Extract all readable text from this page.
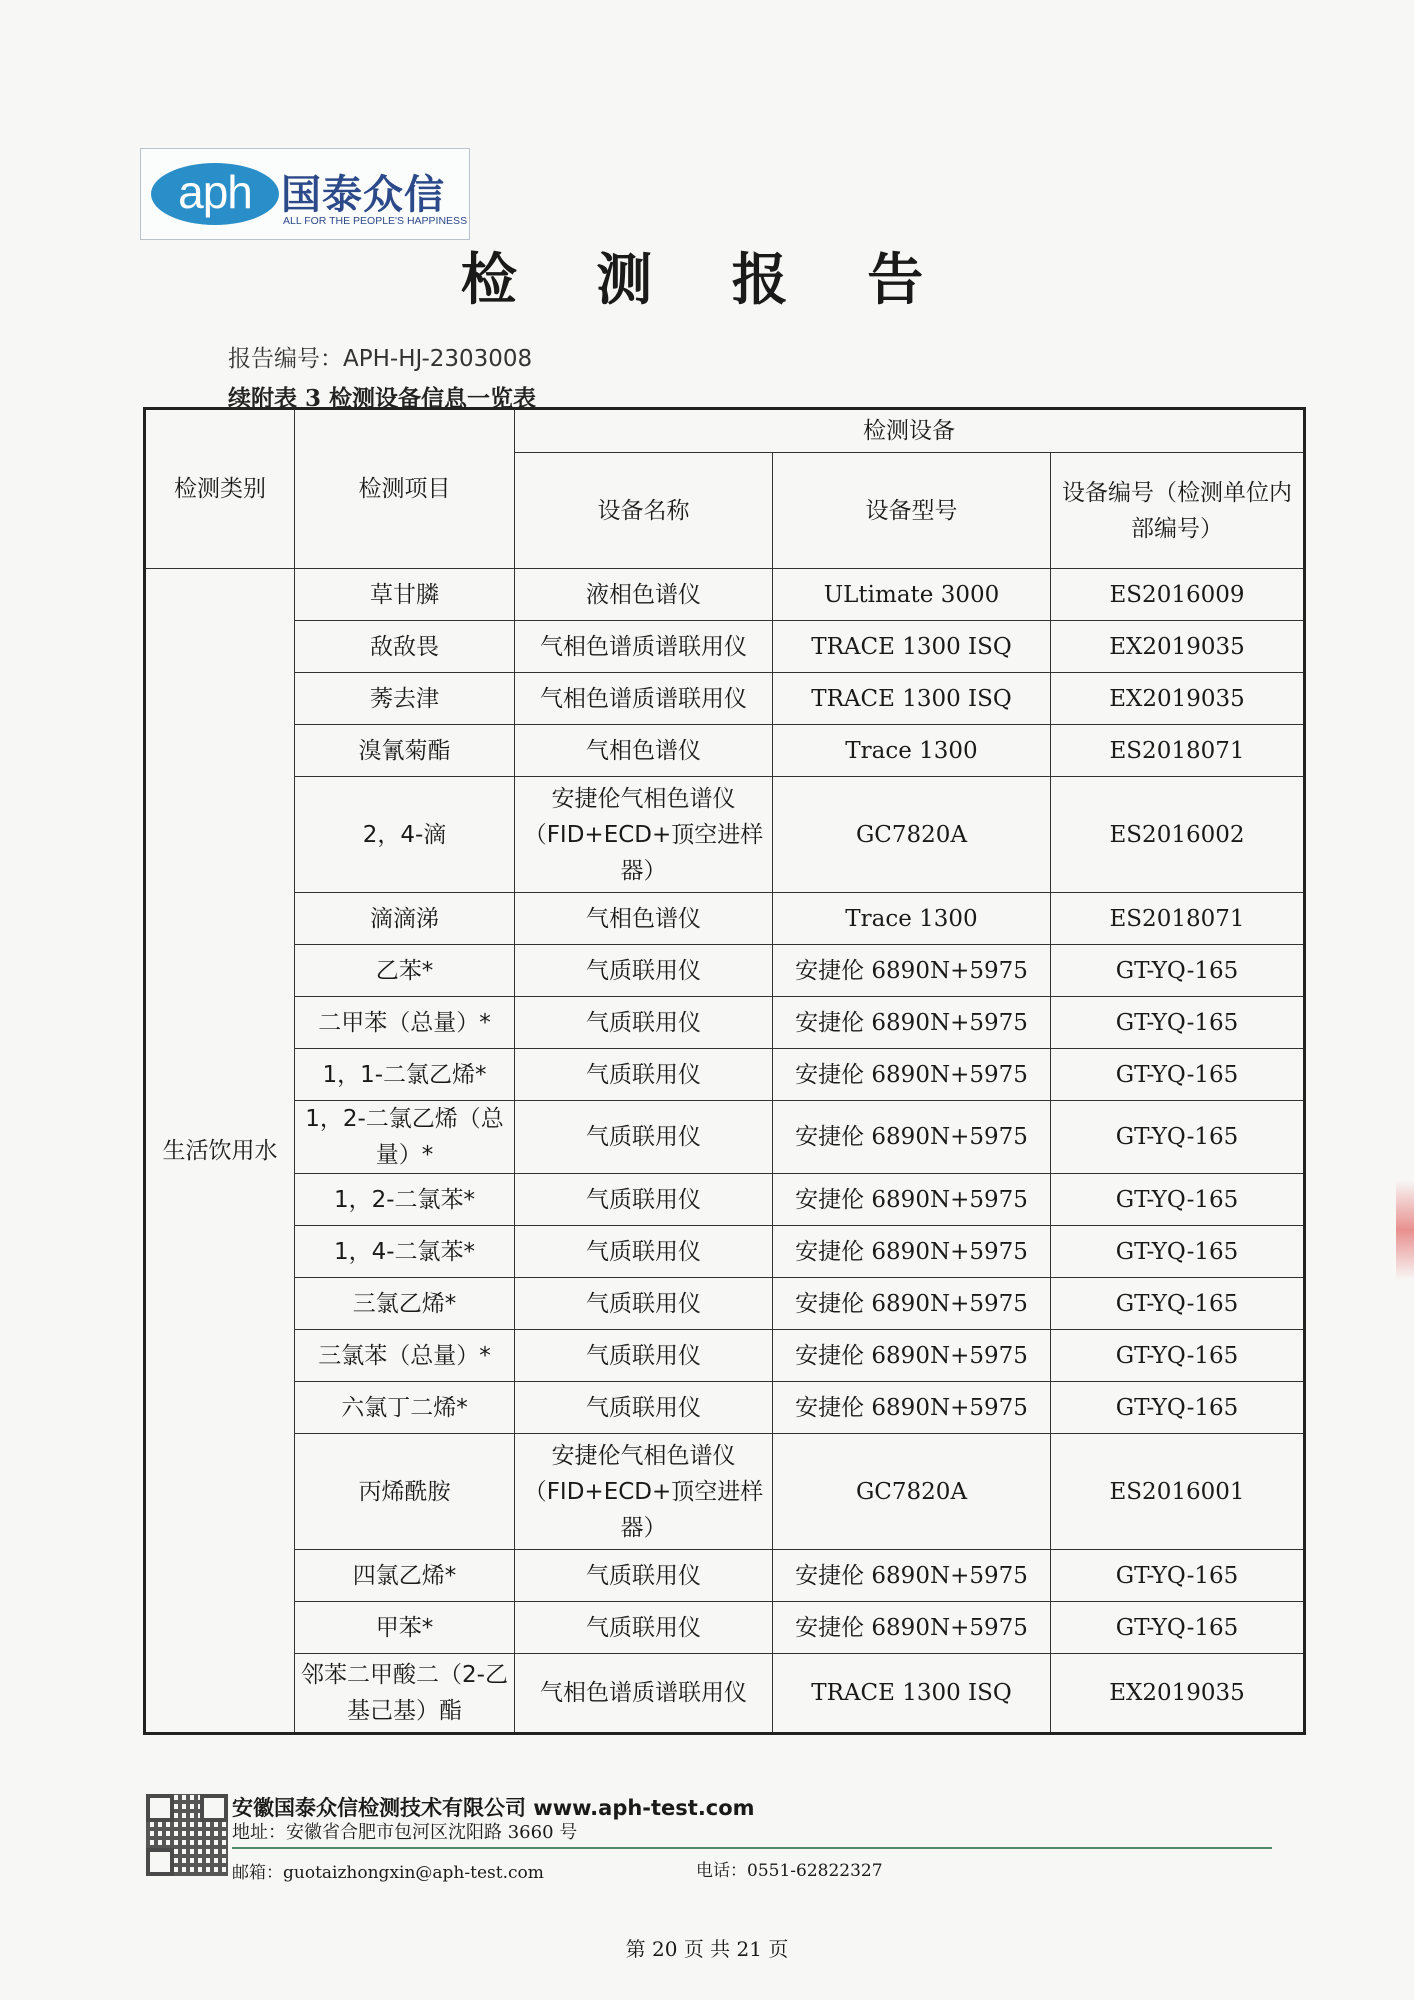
aph 国泰众信
ALL FOR THE PEOPLE'S HAPPINESS
检 测 报 告
报告编号：APH-HJ-2303008
续附表 3 检测设备信息一览表
检测类别	检测项目	检测设备		
		设备名称	设备型号	设备编号（检测单位内部编号）
生活饮用水	草甘膦	液相色谱仪	ULtimate 3000	ES2016009
	敌敌畏	气相色谱质谱联用仪	TRACE 1300 ISQ	EX2019035
	莠去津	气相色谱质谱联用仪	TRACE 1300 ISQ	EX2019035
	溴氰菊酯	气相色谱仪	Trace 1300	ES2018071
	2，4-滴	安捷伦气相色谱仪（FID+ECD+顶空进样器）	GC7820A	ES2016002
	滴滴涕	气相色谱仪	Trace 1300	ES2018071
	乙苯*	气质联用仪	安捷伦 6890N+5975	GT-YQ-165
	二甲苯（总量）*	气质联用仪	安捷伦 6890N+5975	GT-YQ-165
	1，1-二氯乙烯*	气质联用仪	安捷伦 6890N+5975	GT-YQ-165
	1，2-二氯乙烯（总量）*	气质联用仪	安捷伦 6890N+5975	GT-YQ-165
	1，2-二氯苯*	气质联用仪	安捷伦 6890N+5975	GT-YQ-165
	1，4-二氯苯*	气质联用仪	安捷伦 6890N+5975	GT-YQ-165
	三氯乙烯*	气质联用仪	安捷伦 6890N+5975	GT-YQ-165
	三氯苯（总量）*	气质联用仪	安捷伦 6890N+5975	GT-YQ-165
	六氯丁二烯*	气质联用仪	安捷伦 6890N+5975	GT-YQ-165
	丙烯酰胺	安捷伦气相色谱仪（FID+ECD+顶空进样器）	GC7820A	ES2016001
	四氯乙烯*	气质联用仪	安捷伦 6890N+5975	GT-YQ-165
	甲苯*	气质联用仪	安捷伦 6890N+5975	GT-YQ-165
	邻苯二甲酸二（2-乙基己基）酯	气相色谱质谱联用仪	TRACE 1300 ISQ	EX2019035
安徽国泰众信检测技术有限公司 www.aph-test.com
地址：安徽省合肥市包河区沈阳路 3660 号
邮箱：guotaizhongxin@aph-test.com	电话：0551-62822327
第 20 页 共 21 页
